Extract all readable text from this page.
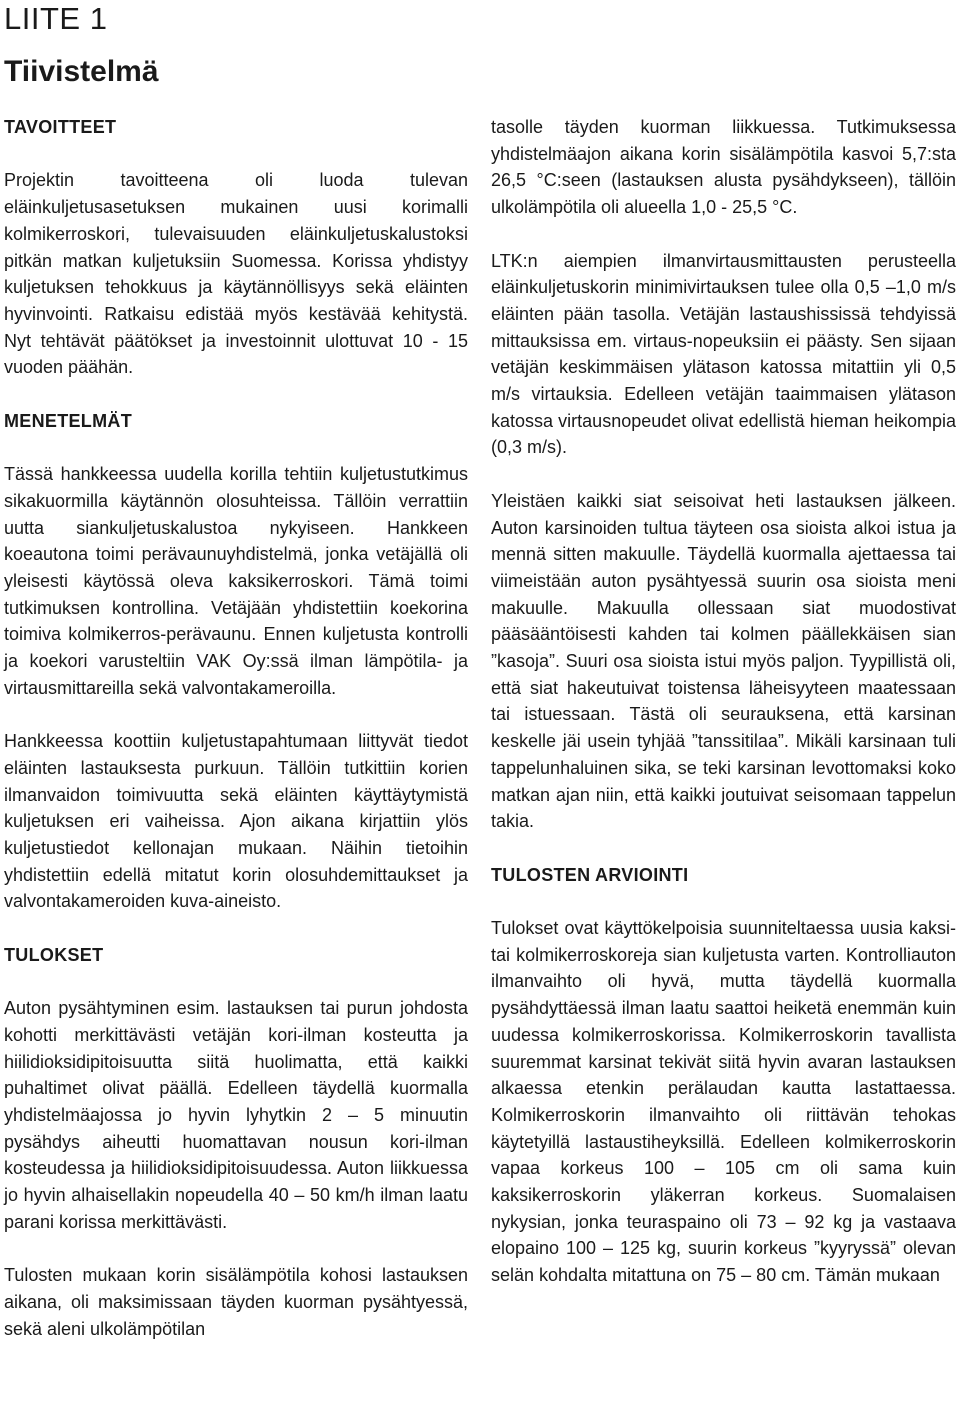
LIITE 1
Tiivistelmä
TAVOITTEET

Projektin tavoitteena oli luoda tulevan eläinkuljetusasetuksen mukainen uusi korimalli kolmikerroskori, tulevaisuuden eläinkuljetuskalustoksi pitkän matkan kuljetuksiin Suomessa. Korissa yhdistyy kuljetuksen tehokkuus ja käytännöllisyys sekä eläinten hyvinvointi. Ratkaisu edistää myös kestävää kehitystä. Nyt tehtävät päätökset ja investoinnit ulottuvat 10 - 15 vuoden päähän.

MENETELMÄT

Tässä hankkeessa uudella korilla tehtiin kuljetustutkimus sikakuormilla käytännön olosuhteissa. Tällöin verrattiin uutta siankuljetuskalustoa nykyiseen. Hankkeen koeautona toimi perävaunuyhdistelmä, jonka vetäjällä oli yleisesti käytössä oleva kaksikerroskori. Tämä toimi tutkimuksen kontrollina. Vetäjään yhdistettiin koekorina toimiva kolmikerros-perävaunu. Ennen kuljetusta kontrolli ja koekori varusteltiin VAK Oy:ssä ilman lämpötila- ja virtausmittareilla sekä valvontakameroilla.

Hankkeessa koottiin kuljetustapahtumaan liittyvät tiedot eläinten lastauksesta purkuun. Tällöin tutkittiin korien ilmanvaidon toimivuutta sekä eläinten käyttäytymistä kuljetuksen eri vaiheissa. Ajon aikana kirjattiin ylös kuljetustiedot kellonajan mukaan. Näihin tietoihin yhdistettiin edellä mitatut korin olosuhdemittaukset ja valvontakameroiden kuva-aineisto.

TULOKSET

Auton pysähtyminen esim. lastauksen tai purun johdosta kohotti merkittävästi vetäjän kori-ilman kosteutta ja hiilidioksidipitoisuutta siitä huolimatta, että kaikki puhaltimet olivat päällä. Edelleen täydellä kuormalla yhdistelmäajossa jo hyvin lyhytkin 2 – 5 minuutin pysähdys aiheutti huomattavan nousun kori-ilman kosteudessa ja hiilidioksidipitoisuudessa. Auton liikkuessa jo hyvin alhaisellakin nopeudella 40 – 50 km/h ilman laatu parani korissa merkittävästi.

Tulosten mukaan korin sisälämpötila kohosi lastauksen aikana, oli maksimissaan täyden kuorman pysähtyessä, sekä aleni ulkolämpötilan

tasolle täyden kuorman liikkuessa. Tutkimuksessa yhdistelmäajon aikana korin sisälämpötila kasvoi 5,7:sta 26,5 °C:seen (lastauksen alusta pysähdykseen), tällöin ulkolämpötila oli alueella 1,0 - 25,5 °C.

LTK:n aiempien ilmanvirtausmittausten perusteella eläinkuljetuskorin minimivirtauksen tulee olla 0,5 –1,0 m/s eläinten pään tasolla. Vetäjän lastaushississä tehdyissä mittauksissa em. virtaus-nopeuksiin ei päästy. Sen sijaan vetäjän keskimmäisen ylätason katossa mitattiin yli 0,5 m/s virtauksia. Edelleen vetäjän taaimmaisen ylätason katossa virtausnopeudet olivat edellistä hieman heikompia (0,3 m/s).

Yleistäen kaikki siat seisoivat heti lastauksen jälkeen. Auton karsinoiden tultua täyteen osa sioista alkoi istua ja mennä sitten makuulle. Täydellä kuormalla ajettaessa tai viimeistään auton pysähtyessä suurin osa sioista meni makuulle. Makuulla ollessaan siat muodostivat pääsääntöisesti kahden tai kolmen päällekkäisen sian ”kasoja”. Suuri osa sioista istui myös paljon. Tyypillistä oli, että siat hakeutuivat toistensa läheisyyteen maatessaan tai istuessaan. Tästä oli seurauksena, että karsinan keskelle jäi usein tyhjää ”tanssitilaa”. Mikäli karsinaan tuli tappelunhaluinen sika, se teki karsinan levottomaksi koko matkan ajan niin, että kaikki joutuivat seisomaan tappelun takia.

TULOSTEN ARVIOINTI

Tulokset ovat käyttökelpoisia suunniteltaessa uusia kaksi- tai kolmikerroskoreja sian kuljetusta varten. Kontrolliauton ilmanvaihto oli hyvä, mutta täydellä kuormalla pysähdyttäessä ilman laatu saattoi heiketä enemmän kuin uudessa kolmikerroskorissa. Kolmikerroskorin tavallista suuremmat karsinat tekivät siitä hyvin avaran lastauksen alkaessa etenkin perälaudan kautta lastattaessa. Kolmikerroskorin ilmanvaihto oli riittävän tehokas käytetyillä lastaustiheyksillä. Edelleen kolmikerroskorin vapaa korkeus 100 – 105 cm oli sama kuin kaksikerroskorin yläkerran korkeus. Suomalaisen nykysian, jonka teuraspaino oli 73 – 92 kg ja vastaava elopaino 100 – 125 kg, suurin korkeus ”kyyryssä” olevan selän kohdalta mitattuna on 75 – 80 cm. Tämän mukaan
